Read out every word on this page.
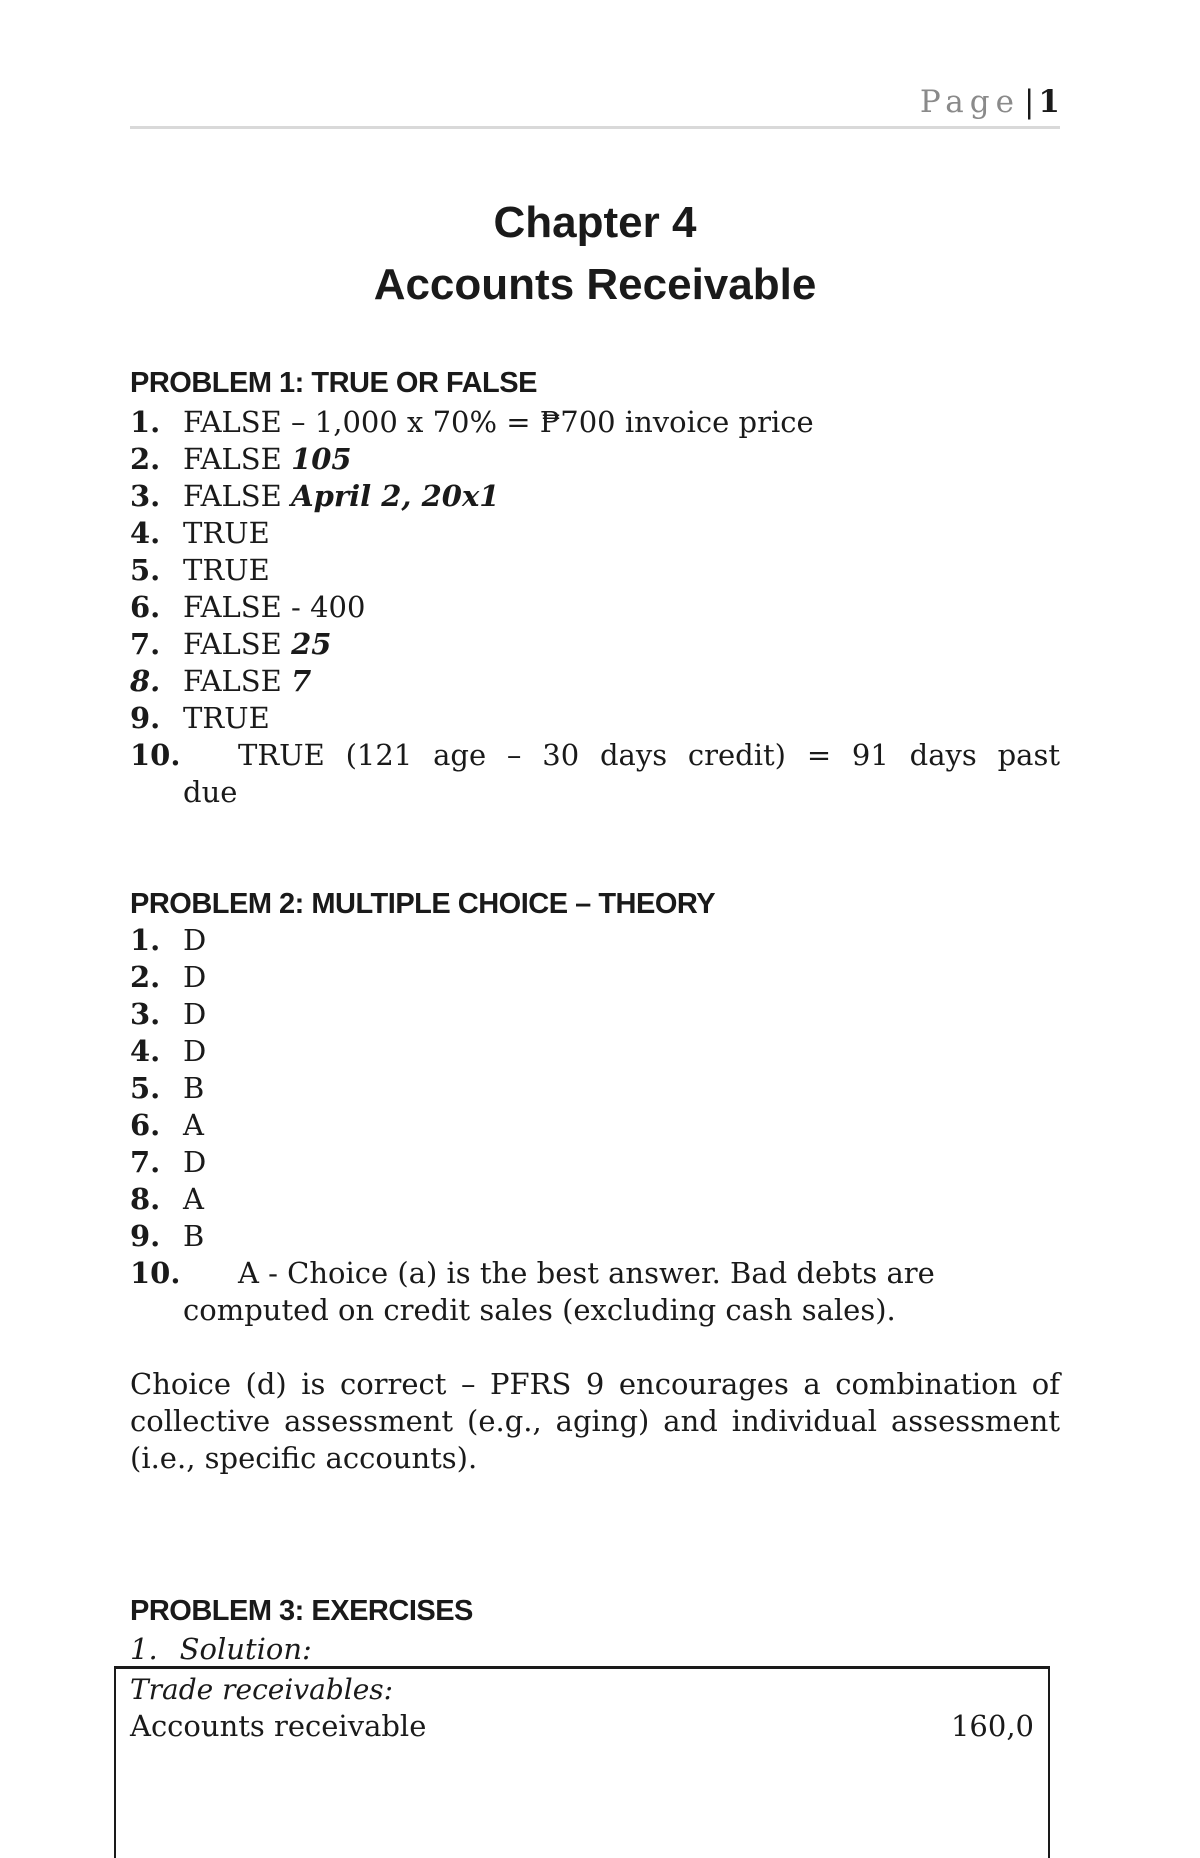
Page | 1
Chapter 4
Accounts Receivable
PROBLEM 1: TRUE OR FALSE
1. FALSE – 1,000 x 70% = ₱700 invoice price
2. FALSE 105
3. FALSE April 2, 20x1
4. TRUE
5. TRUE
6. FALSE - 400
7. FALSE 25
8. FALSE 7
9. TRUE
10. TRUE (121 age – 30 days credit) = 91 days past
due
PROBLEM 2: MULTIPLE CHOICE – THEORY
1. D
2. D
3. D
4. D
5. B
6. A
7. D
8. A
9. B
10. A - Choice (a) is the best answer. Bad debts are
computed on credit sales (excluding cash sales).

Choice (d) is correct – PFRS 9 encourages a combination of collective assessment (e.g., aging) and individual assessment (i.e., specific accounts).

PROBLEM 3: EXERCISES
1. Solution:
Trade receivables:
Accounts receivable	160,0
